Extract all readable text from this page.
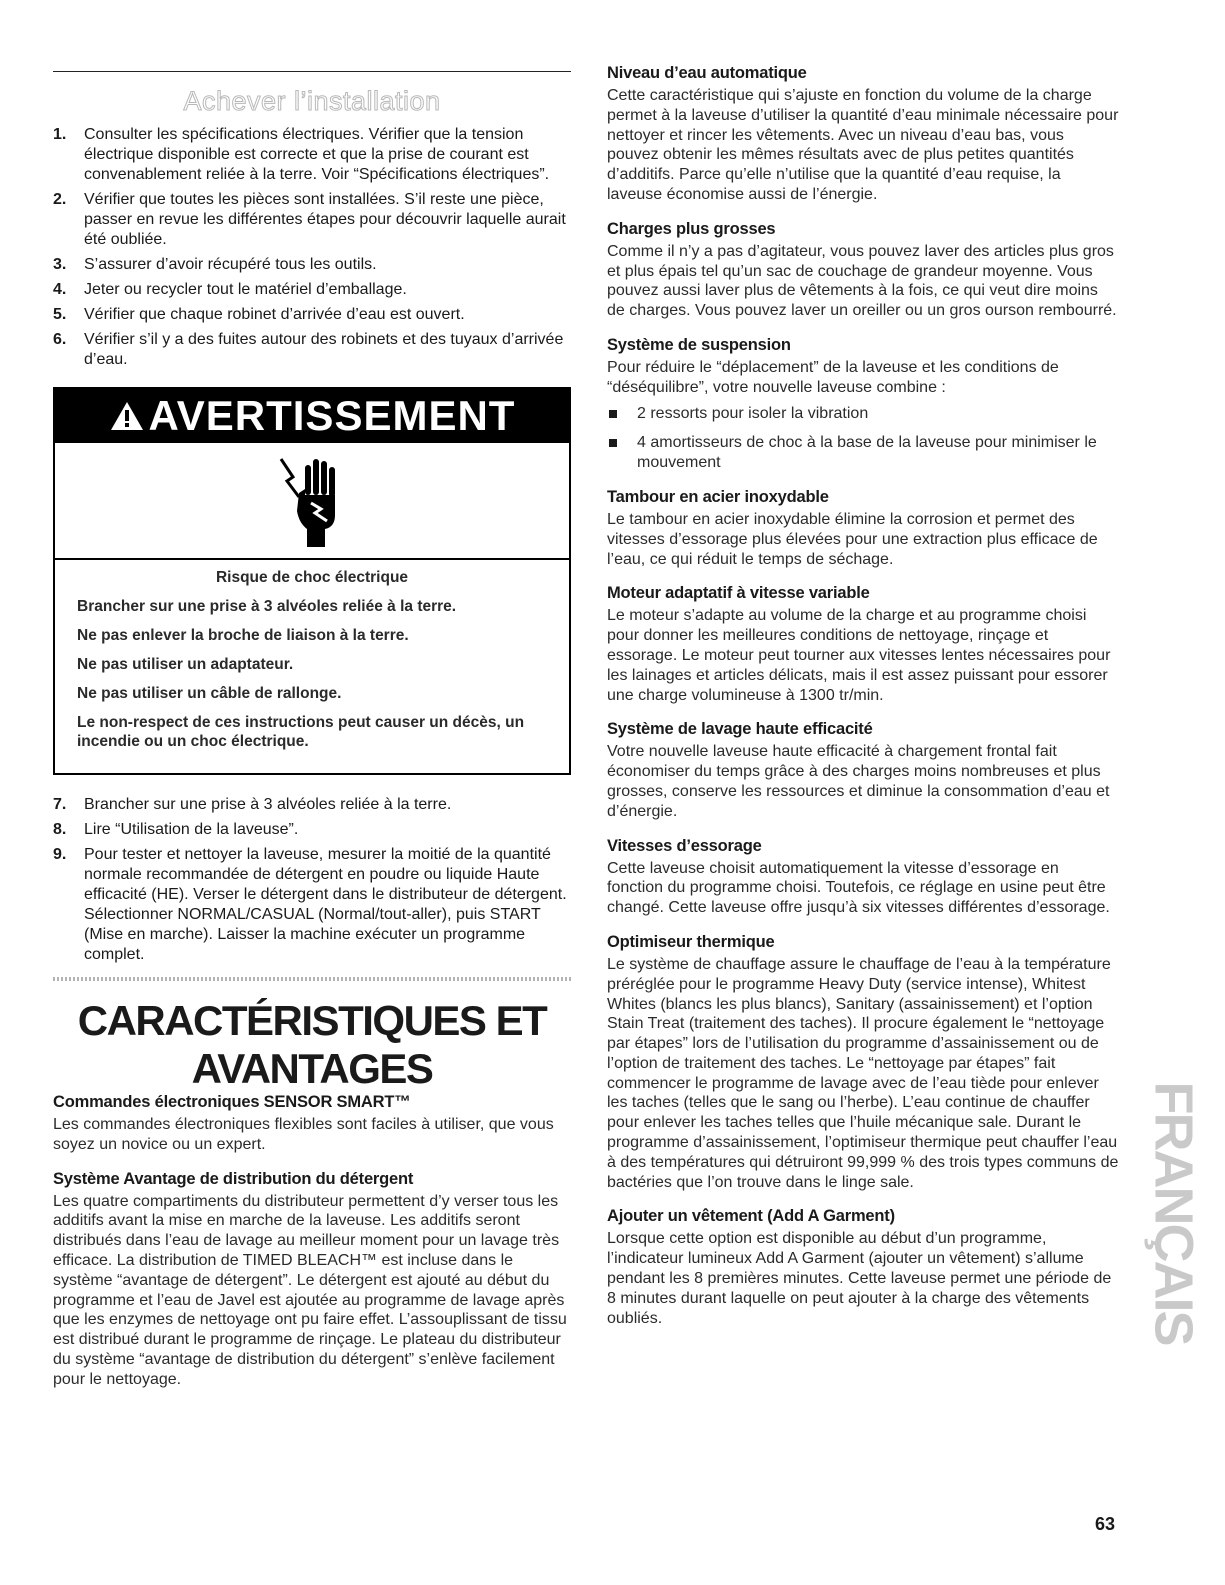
Achever l’installation
1. Consulter les spécifications électriques. Vérifier que la tension électrique disponible est correcte et que la prise de courant est convenablement reliée à la terre. Voir “Spécifications électriques”.
2. Vérifier que toutes les pièces sont installées. S’il reste une pièce, passer en revue les différentes étapes pour découvrir laquelle aurait été oubliée.
3. S’assurer d’avoir récupéré tous les outils.
4. Jeter ou recycler tout le matériel d’emballage.
5. Vérifier que chaque robinet d’arrivée d’eau est ouvert.
6. Vérifier s’il y a des fuites autour des robinets et des tuyaux d’arrivée d’eau.
AVERTISSEMENT

Risque de choc électrique

Brancher sur une prise à 3 alvéoles reliée à la terre.

Ne pas enlever la broche de liaison à la terre.

Ne pas utiliser un adaptateur.

Ne pas utiliser un câble de rallonge.

Le non-respect de ces instructions peut causer un décès, un incendie ou un choc électrique.

7. Brancher sur une prise à 3 alvéoles reliée à la terre.
8. Lire “Utilisation de la laveuse”.
9. Pour tester et nettoyer la laveuse, mesurer la moitié de la quantité normale recommandée de détergent en poudre ou liquide Haute efficacité (HE). Verser le détergent dans le distributeur de détergent. Sélectionner NORMAL/CASUAL (Normal/tout-aller), puis START (Mise en marche). Laisser la machine exécuter un programme complet.
CARACTÉRISTIQUES ET
AVANTAGES
Commandes électroniques SENSOR SMART™

Les commandes électroniques flexibles sont faciles à utiliser, que vous soyez un novice ou un expert.

Système Avantage de distribution du détergent

Les quatre compartiments du distributeur permettent d’y verser tous les additifs avant la mise en marche de la laveuse. Les additifs seront distribués dans l’eau de lavage au meilleur moment pour un lavage très efficace. La distribution de TIMED BLEACH™ est incluse dans le système “avantage de détergent”. Le détergent est ajouté au début du programme et l’eau de Javel est ajoutée au programme de lavage après que les enzymes de nettoyage ont pu faire effet. L’assouplissant de tissu est distribué durant le programme de rinçage. Le plateau du distributeur du système “avantage de distribution du détergent” s’enlève facilement pour le nettoyage.

Niveau d’eau automatique

Cette caractéristique qui s’ajuste en fonction du volume de la charge permet à la laveuse d’utiliser la quantité d’eau minimale nécessaire pour nettoyer et rincer les vêtements. Avec un niveau d’eau bas, vous pouvez obtenir les mêmes résultats avec de plus petites quantités d’additifs. Parce qu’elle n’utilise que la quantité d’eau requise, la laveuse économise aussi de l’énergie.

Charges plus grosses

Comme il n’y a pas d’agitateur, vous pouvez laver des articles plus gros et plus épais tel qu’un sac de couchage de grandeur moyenne. Vous pouvez aussi laver plus de vêtements à la fois, ce qui veut dire moins de charges. Vous pouvez laver un oreiller ou un gros ourson rembourré.

Système de suspension

Pour réduire le “déplacement” de la laveuse et les conditions de “déséquilibre”, votre nouvelle laveuse combine :

2 ressorts pour isoler la vibration
4 amortisseurs de choc à la base de la laveuse pour minimiser le mouvement
Tambour en acier inoxydable

Le tambour en acier inoxydable élimine la corrosion et permet des vitesses d’essorage plus élevées pour une extraction plus efficace de l’eau, ce qui réduit le temps de séchage.

Moteur adaptatif à vitesse variable

Le moteur s’adapte au volume de la charge et au programme choisi pour donner les meilleures conditions de nettoyage, rinçage et essorage. Le moteur peut tourner aux vitesses lentes nécessaires pour les lainages et articles délicats, mais il est assez puissant pour essorer une charge volumineuse à 1300 tr/min.

Système de lavage haute efficacité

Votre nouvelle laveuse haute efficacité à chargement frontal fait économiser du temps grâce à des charges moins nombreuses et plus grosses, conserve les ressources et diminue la consommation d’eau et d’énergie.

Vitesses d’essorage

Cette laveuse choisit automatiquement la vitesse d’essorage en fonction du programme choisi. Toutefois, ce réglage en usine peut être changé. Cette laveuse offre jusqu’à six vitesses différentes d’essorage.

Optimiseur thermique

Le système de chauffage assure le chauffage de l’eau à la température préréglée pour le programme Heavy Duty (service intense), Whitest Whites (blancs les plus blancs), Sanitary (assainissement) et l’option Stain Treat (traitement des taches). Il procure également le “nettoyage par étapes” lors de l’utilisation du programme d’assainissement ou de l’option de traitement des taches. Le “nettoyage par étapes” fait commencer le programme de lavage avec de l’eau tiède pour enlever les taches (telles que le sang ou l’herbe). L’eau continue de chauffer pour enlever les taches telles que l’huile mécanique sale. Durant le programme d’assainissement, l’optimiseur thermique peut chauffer l’eau à des températures qui détruiront 99,999 % des trois types communs de bactéries que l’on trouve dans le linge sale.

Ajouter un vêtement (Add A Garment)

Lorsque cette option est disponible au début d’un programme, l’indicateur lumineux Add A Garment (ajouter un vêtement) s’allume pendant les 8 premières minutes. Cette laveuse permet une période de 8 minutes durant laquelle on peut ajouter à la charge des vêtements oubliés.	FRANÇAIS
63
